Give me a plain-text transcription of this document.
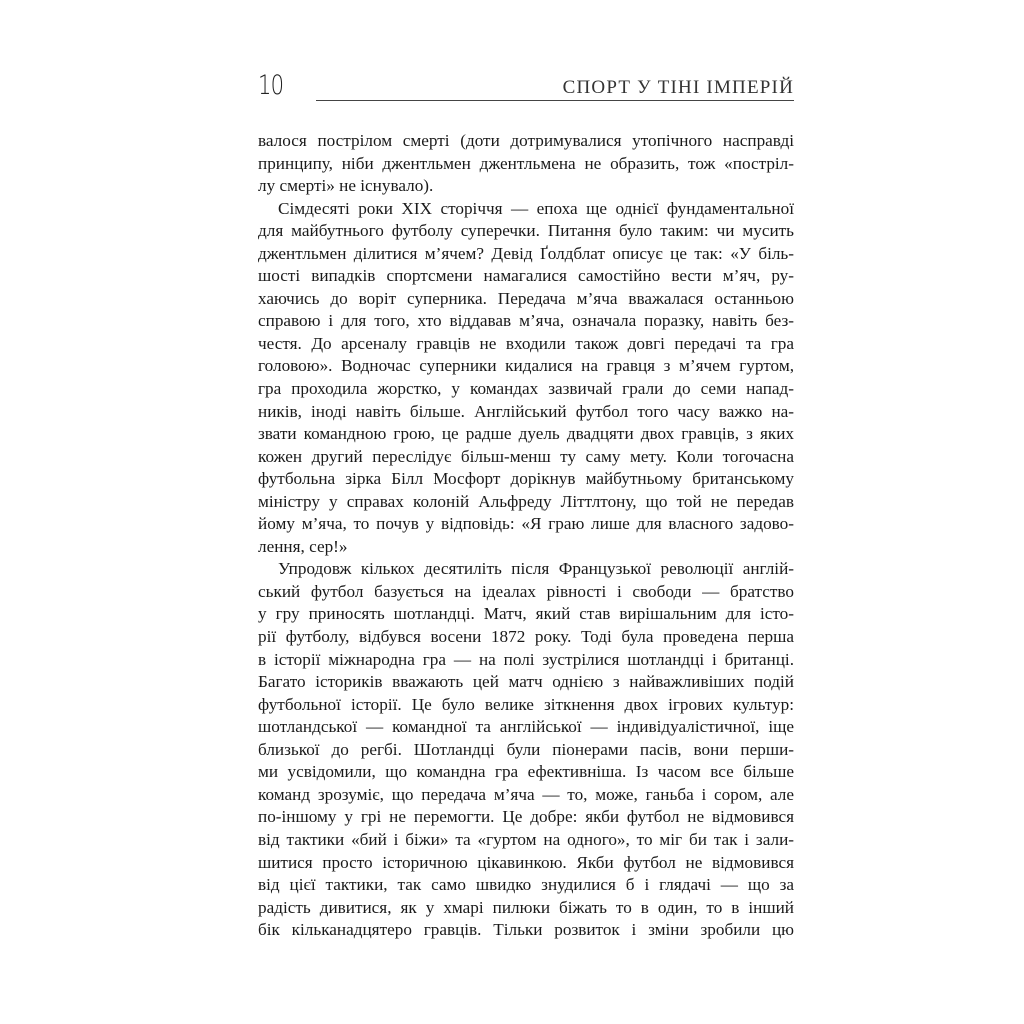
10	СПОРТ У ТІНІ ІМПЕРІЙ
валося пострілом смерті (доти дотримувалися утопічного насправді
принципу, ніби джентльмен джентльмена не образить, тож «постріл-
лу смерті» не існувало).
Сімдесяті роки XIX сторіччя — епоха ще однієї фундаментальної
для майбутнього футболу суперечки. Питання було таким: чи мусить
джентльмен ділитися м’ячем? Девід Ґолдблат описує це так: «У біль-
шості випадків спортсмени намагалися самостійно вести м’яч, ру-
хаючись до воріт суперника. Передача м’яча вважалася останньою
справою і для того, хто віддавав м’яча, означала поразку, навіть без-
честя. До арсеналу гравців не входили також довгі передачі та гра
головою». Водночас суперники кидалися на гравця з м’ячем гуртом,
гра проходила жорстко, у командах зазвичай грали до семи напад-
ників, іноді навіть більше. Англійський футбол того часу важко на-
звати командною грою, це радше дуель двадцяти двох гравців, з яких
кожен другий переслідує більш-менш ту саму мету. Коли тогочасна
футбольна зірка Білл Мосфорт дорікнув майбутньому британському
міністру у справах колоній Альфреду Літтлтону, що той не передав
йому м’яча, то почув у відповідь: «Я граю лише для власного задово-
лення, сер!»
Упродовж кількох десятиліть після Французької революції англій-
ський футбол базується на ідеалах рівності і свободи — братство
у гру приносять шотландці. Матч, який став вирішальним для істо-
рії футболу, відбувся восени 1872 року. Тоді була проведена перша
в історії міжнародна гра — на полі зустрілися шотландці і британці.
Багато істориків вважають цей матч однією з найважливіших подій
футбольної історії. Це було велике зіткнення двох ігрових культур:
шотландської — командної та англійської — індивідуалістичної, іще
близької до регбі. Шотландці були піонерами пасів, вони перши-
ми усвідомили, що командна гра ефективніша. Із часом все більше
команд зрозуміє, що передача м’яча — то, може, ганьба і сором, але
по-іншому у грі не перемогти. Це добре: якби футбол не відмовився
від тактики «бий і біжи» та «гуртом на одного», то міг би так і зали-
шитися просто історичною цікавинкою. Якби футбол не відмовився
від цієї тактики, так само швидко знудилися б і глядачі — що за
радість дивитися, як у хмарі пилюки біжать то в один, то в інший
бік кільканадцятеро гравців. Тільки розвиток і зміни зробили цю
